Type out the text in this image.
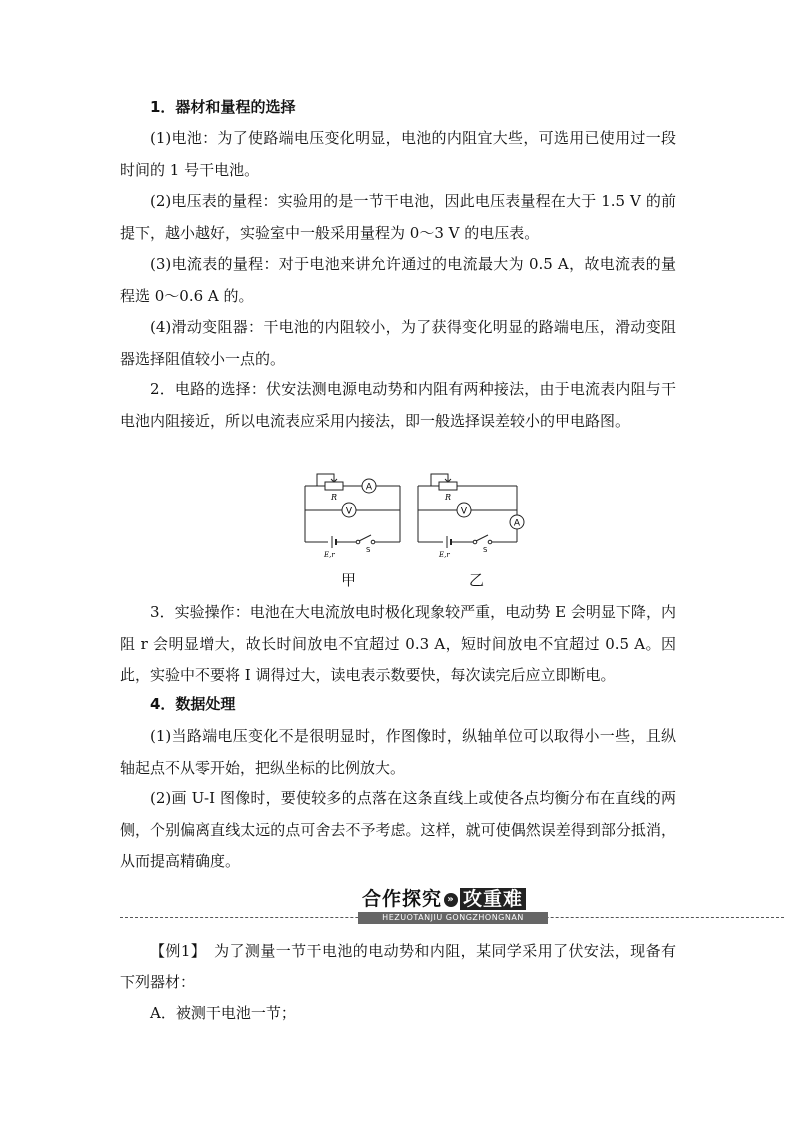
1．器材和量程的选择

(1)电池：为了使路端电压变化明显，电池的内阻宜大些，可选用已使用过一段时间的 1 号干电池。

(2)电压表的量程：实验用的是一节干电池，因此电压表量程在大于 1.5 V 的前提下，越小越好，实验室中一般采用量程为 0～3 V 的电压表。

(3)电流表的量程：对于电池来讲允许通过的电流最大为 0.5 A，故电流表的量程选 0～0.6 A 的。

(4)滑动变阻器：干电池的内阻较小，为了获得变化明显的路端电压，滑动变阻器选择阻值较小一点的。

2．电路的选择：伏安法测电源电动势和内阻有两种接法，由于电流表内阻与干电池内阻接近，所以电流表应采用内接法，即一般选择误差较小的甲电路图。

A
V
R
E,r
S
A
V
R
E,r
S
甲	乙

3．实验操作：电池在大电流放电时极化现象较严重，电动势 E 会明显下降，内阻 r 会明显增大，故长时间放电不宜超过 0.3 A，短时间放电不宜超过 0.5 A。因此，实验中不要将 I 调得过大，读电表示数要快，每次读完后应立即断电。

4．数据处理

(1)当路端电压变化不是很明显时，作图像时，纵轴单位可以取得小一些，且纵轴起点不从零开始，把纵坐标的比例放大。

(2)画 U-I 图像时，要使较多的点落在这条直线上或使各点均衡分布在直线的两侧，个别偏离直线太远的点可舍去不予考虑。这样，就可使偶然误差得到部分抵消，从而提高精确度。

合作探究 » 攻重难
HEZUOTANJIU GONGZHONGNAN

【例1】　为了测量一节干电池的电动势和内阻，某同学采用了伏安法，现备有下列器材：

A．被测干电池一节；
